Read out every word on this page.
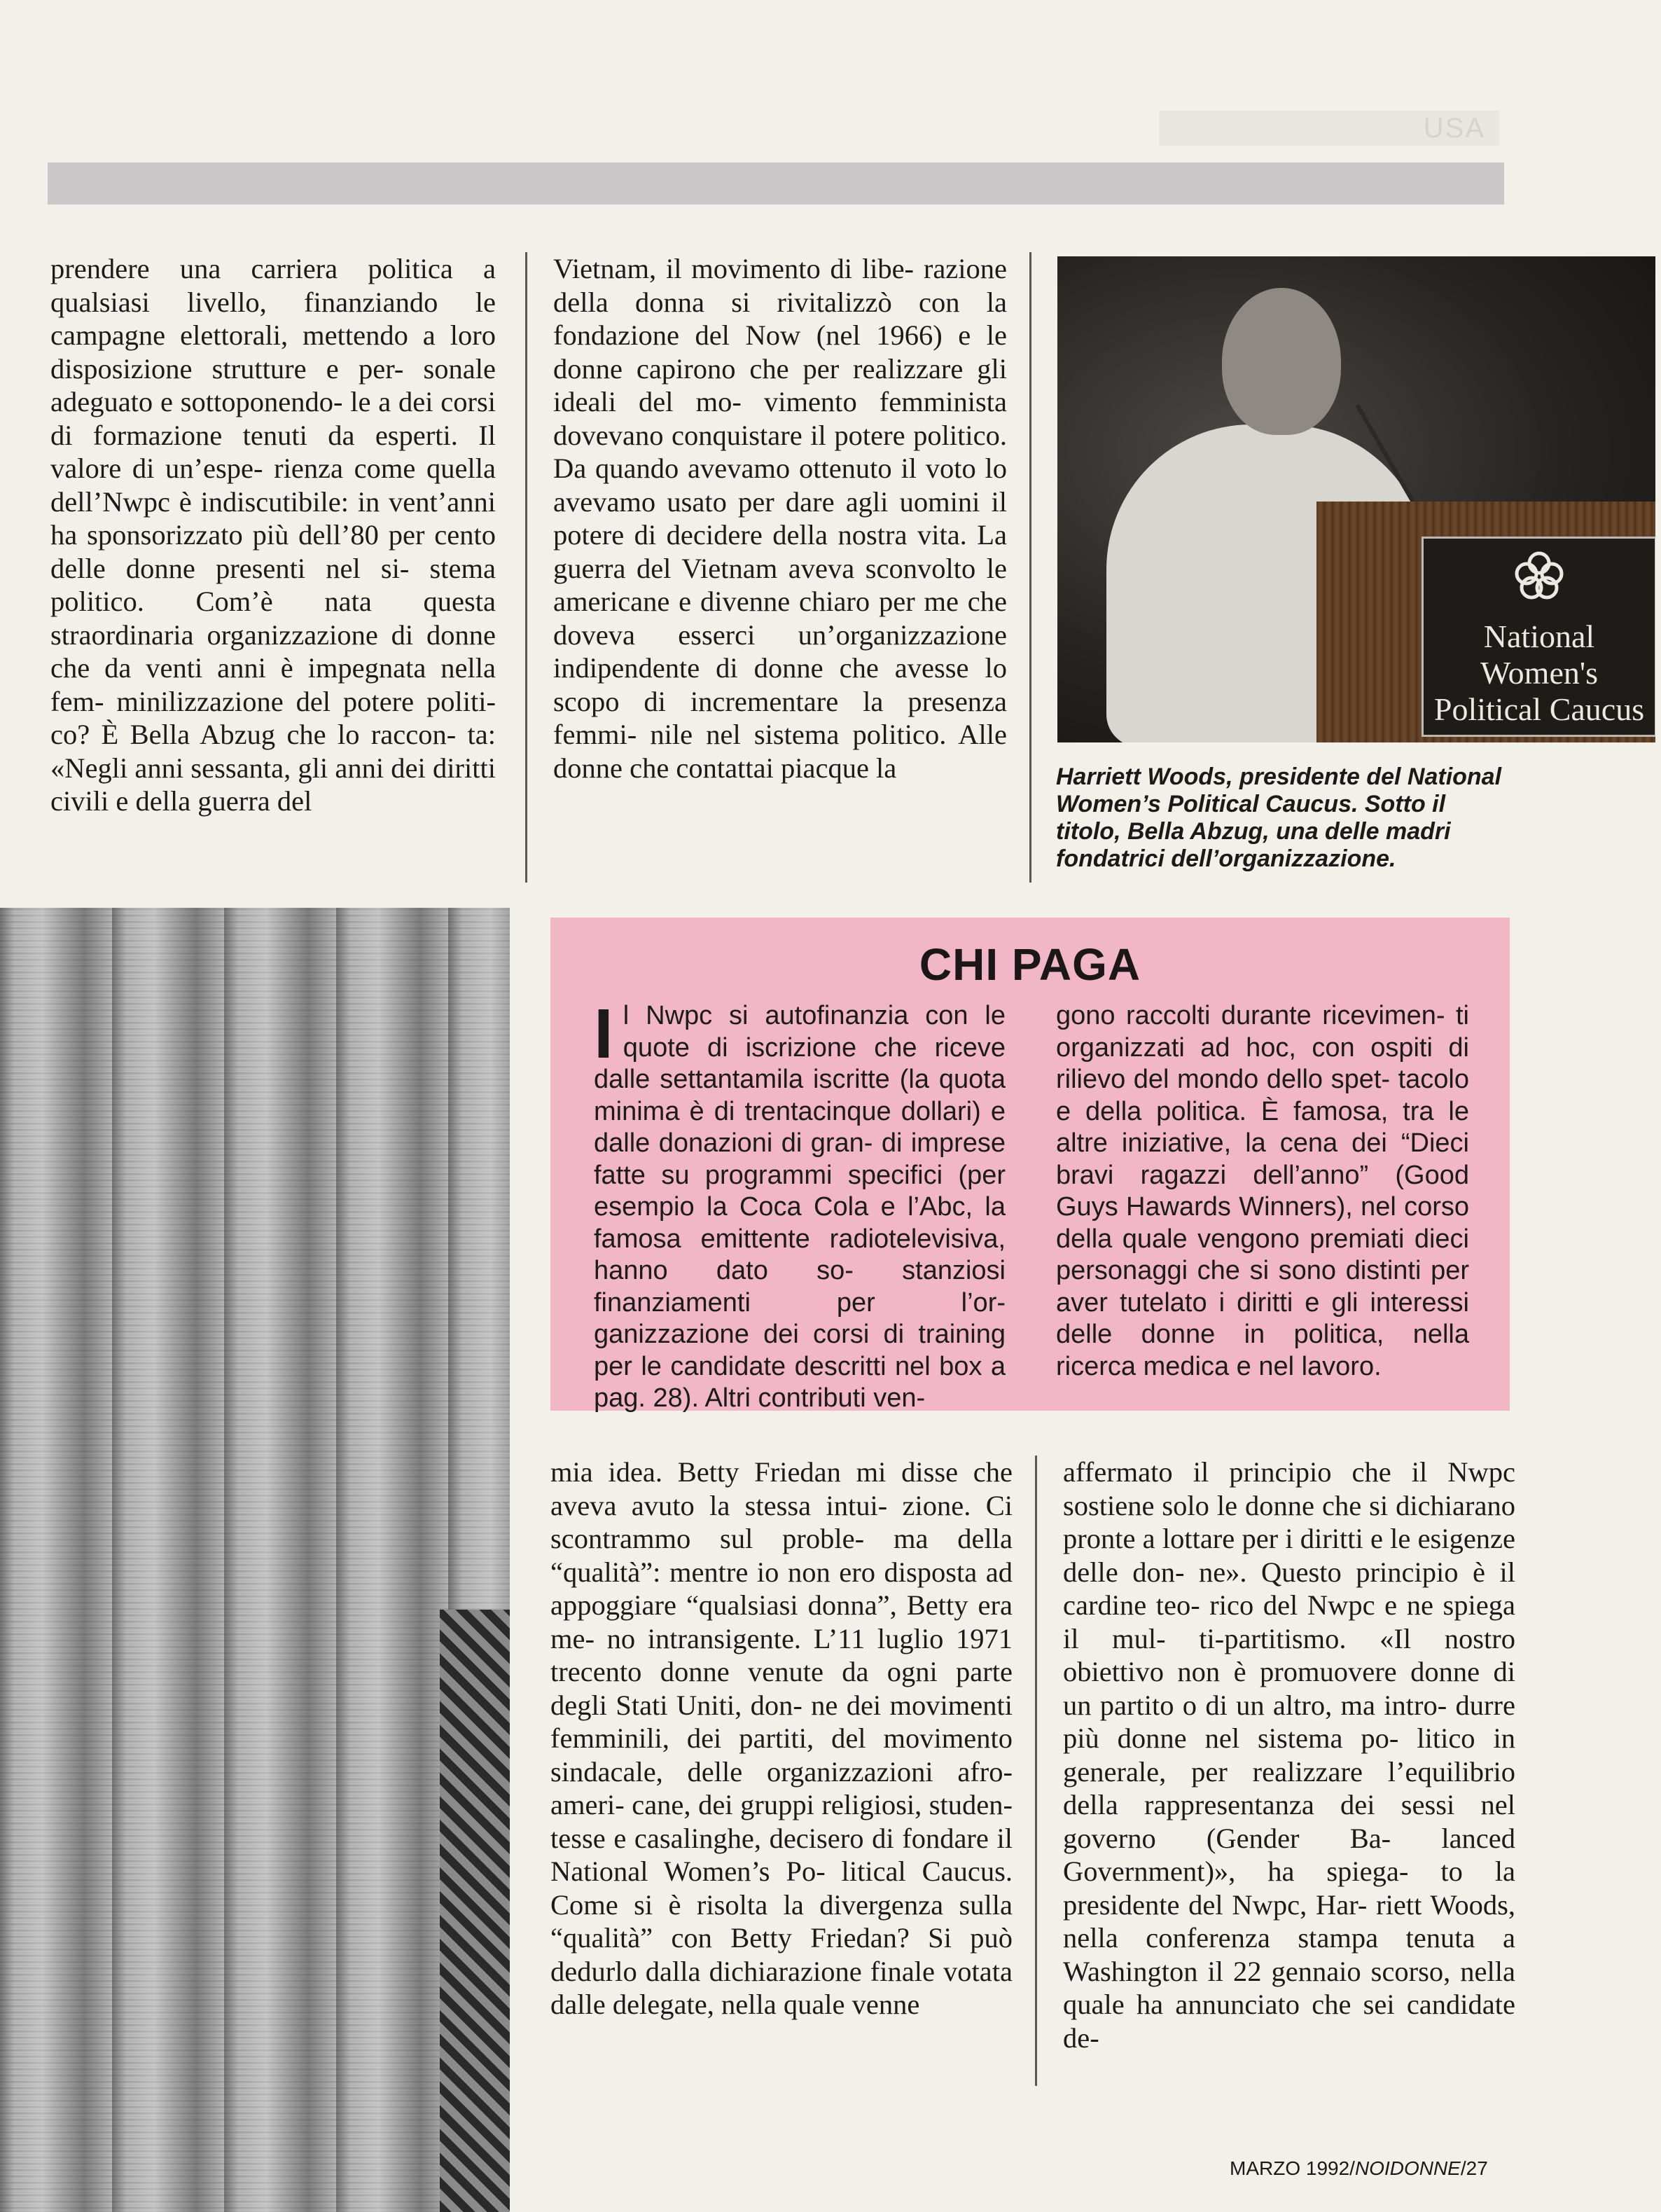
USA

prendere una carriera politica a qualsiasi livello, finanziando le campagne elettorali, mettendo a loro disposizione strutture e per- sonale adeguato e sottoponendo- le a dei corsi di formazione tenuti da esperti. Il valore di un’espe- rienza come quella dell’Nwpc è indiscutibile: in vent’anni ha sponsorizzato più dell’80 per cento delle donne presenti nel si- stema politico. Com’è nata questa straordinaria organizzazione di donne che da venti anni è impegnata nella fem- minilizzazione del potere politi- co? È Bella Abzug che lo raccon- ta: «Negli anni sessanta, gli anni dei diritti civili e della guerra del

Vietnam, il movimento di libe- razione della donna si rivitalizzò con la fondazione del Now (nel 1966) e le donne capirono che per realizzare gli ideali del mo- vimento femminista dovevano conquistare il potere politico. Da quando avevamo ottenuto il voto lo avevamo usato per dare agli uomini il potere di decidere della nostra vita. La guerra del Vietnam aveva sconvolto le americane e divenne chiaro per me che doveva esserci un’organizzazione indipendente di donne che avesse lo scopo di incrementare la presenza femmi- nile nel sistema politico. Alle donne che contattai piacque la

National Women's
Political Caucus
Harriett Woods, presidente del National Women’s Political Caucus. Sotto il titolo, Bella Abzug, una delle madri fondatrici dell’organizzazione.
CHI PAGA
I l Nwpc si autofinanzia con le quote di iscrizione che riceve dalle settantamila iscritte (la quota minima è di trentacinque dollari) e dalle donazioni di gran- di imprese fatte su programmi specifici (per esempio la Coca Cola e l’Abc, la famosa emittente radiotelevisiva, hanno dato so- stanziosi finanziamenti per l’or- ganizzazione dei corsi di training per le candidate descritti nel box a pag. 28). Altri contributi ven-
gono raccolti durante ricevimen- ti organizzati ad hoc, con ospiti di rilievo del mondo dello spet- tacolo e della politica. È famosa, tra le altre iniziative, la cena dei “Dieci bravi ragazzi dell’anno” (Good Guys Hawards Winners), nel corso della quale vengono premiati dieci personaggi che si sono distinti per aver tutelato i diritti e gli interessi delle donne in politica, nella ricerca medica e nel lavoro.

mia idea. Betty Friedan mi disse che aveva avuto la stessa intui- zione. Ci scontrammo sul proble- ma della “qualità”: mentre io non ero disposta ad appoggiare “qualsiasi donna”, Betty era me- no intransigente. L’11 luglio 1971 trecento donne venute da ogni parte degli Stati Uniti, don- ne dei movimenti femminili, dei partiti, del movimento sindacale, delle organizzazioni afro-ameri- cane, dei gruppi religiosi, studen- tesse e casalinghe, decisero di fondare il National Women’s Po- litical Caucus. Come si è risolta la divergenza sulla “qualità” con Betty Friedan? Si può dedurlo dalla dichiarazione finale votata dalle delegate, nella quale venne

affermato il principio che il Nwpc sostiene solo le donne che si dichiarano pronte a lottare per i diritti e le esigenze delle don- ne». Questo principio è il cardine teo- rico del Nwpc e ne spiega il mul- ti-partitismo. «Il nostro obiettivo non è promuovere donne di un partito o di un altro, ma intro- durre più donne nel sistema po- litico in generale, per realizzare l’equilibrio della rappresentanza dei sessi nel governo (Gender Ba- lanced Government)», ha spiega- to la presidente del Nwpc, Har- riett Woods, nella conferenza stampa tenuta a Washington il 22 gennaio scorso, nella quale ha annunciato che sei candidate de-

MARZO 1992/NOIDONNE/27
